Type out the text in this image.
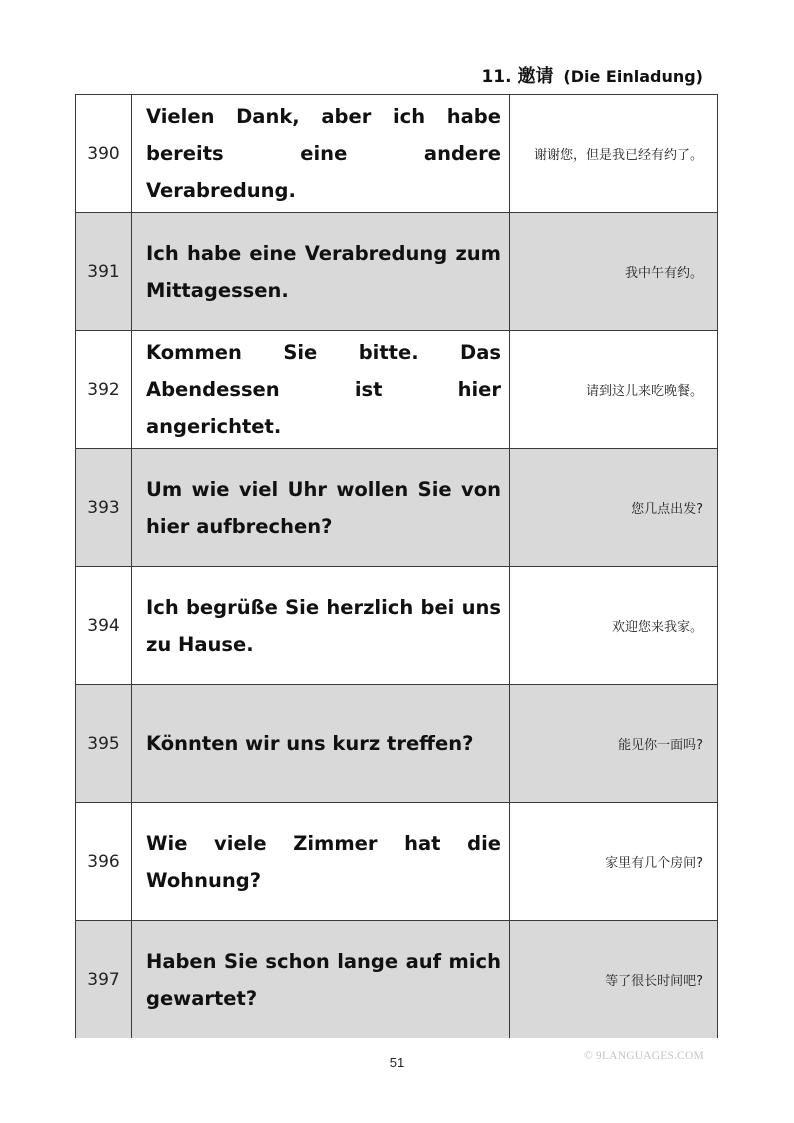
11. 邀请 (Die Einladung)
390	Vielen Dank, aber ich habe bereits eine andere Verabredung.	谢谢您，但是我已经有约了。
391	Ich habe eine Verabredung zum Mittagessen.	我中午有约。
392	Kommen Sie bitte. Das Abendessen ist hier angerichtet.	请到这儿来吃晚餐。
393	Um wie viel Uhr wollen Sie von hier aufbrechen?	您几点出发?
394	Ich begrüße Sie herzlich bei uns zu Hause.	欢迎您来我家。
395	Könnten wir uns kurz treffen?	能见你一面吗?
396	Wie viele Zimmer hat die Wohnung?	家里有几个房间?
397	Haben Sie schon lange auf mich gewartet?	等了很长时间吧?
51	© 9LANGUAGES.COM
